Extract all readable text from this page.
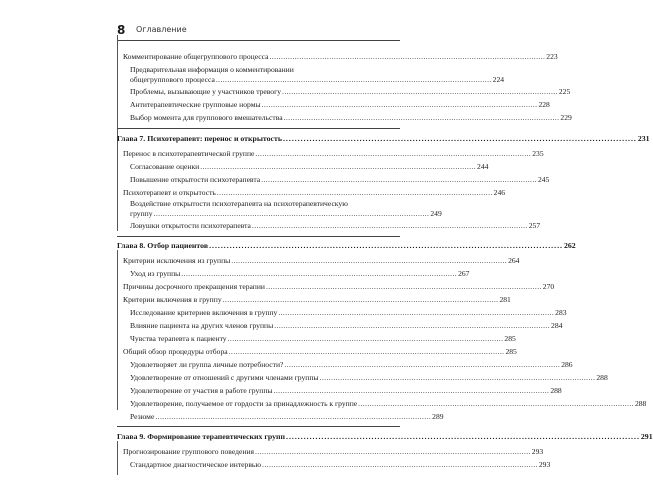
8 Оглавление
Комментирование общегруппового процесса ........................................................................................................................ 223
Предварительная информация о комментировании
общегруппового процесса ........................................................................................................................ 224
Проблемы, вызывающие у участников тревогу ........................................................................................................................ 225
Антитерапевтические групповые нормы ........................................................................................................................ 228
Выбор момента для группового вмешательства ........................................................................................................................ 229
Глава 7. Психотерапевт: перенос и открытость ........................................................................................................................ 231
Перенос в психотерапевтической группе ........................................................................................................................ 235
Согласование оценки ........................................................................................................................ 244
Повышение открытости психотерапевта ........................................................................................................................ 245
Психотерапевт и открытость ........................................................................................................................ 246
Воздействие открытости психотерапевта на психотерапевтическую
группу ........................................................................................................................ 249
Ловушки открытости психотерапевта ........................................................................................................................ 257
Глава 8. Отбор пациентов ........................................................................................................................ 262
Критерии исключения из группы ........................................................................................................................ 264
Уход из группы ........................................................................................................................ 267
Причины досрочного прекращения терапии ........................................................................................................................ 270
Критерии включения в группу ........................................................................................................................ 281
Исследование критериев включения в группу ........................................................................................................................ 283
Влияние пациента на других членов группы ........................................................................................................................ 284
Чувства терапевта к пациенту ........................................................................................................................ 285
Общий обзор процедуры отбора ........................................................................................................................ 285
Удовлетворяет ли группа личные потребности? ........................................................................................................................ 286
Удовлетворение от отношений с другими членами группы ........................................................................................................................ 288
Удовлетворение от участия в работе группы ........................................................................................................................ 288
Удовлетворение, получаемое от гордости за принадлежность к группе ........................................................................................................................ 288
Резюме ........................................................................................................................ 289
Глава 9. Формирование терапевтических групп ........................................................................................................................ 291
Прогнозирование группового поведения ........................................................................................................................ 293
Стандартное диагностическое интервью ........................................................................................................................ 293
